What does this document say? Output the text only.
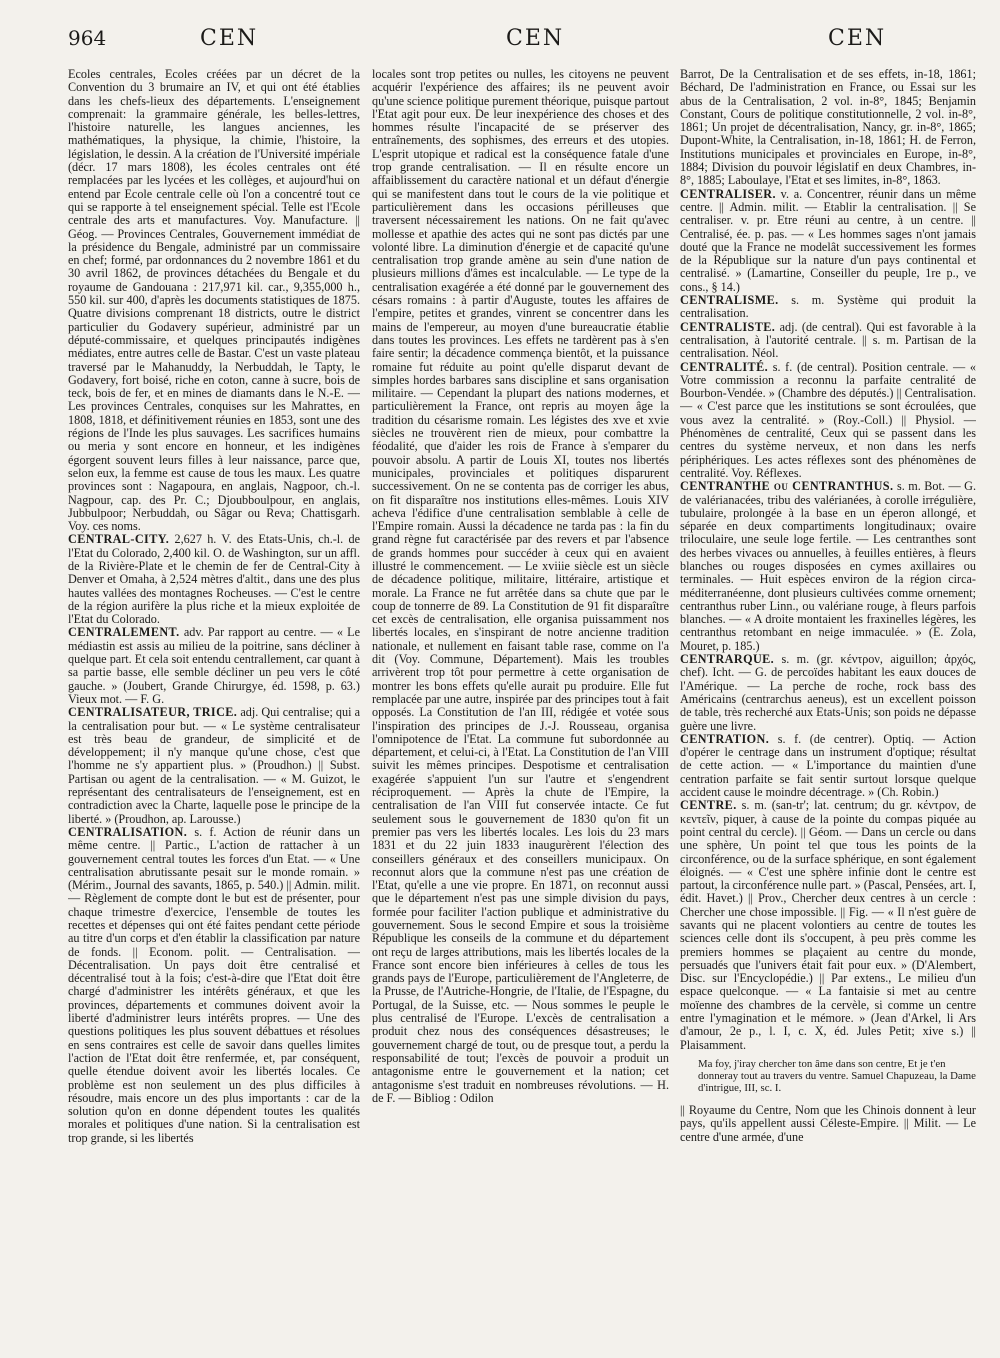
964	CEN	CEN	CEN

Ecoles centrales, Ecoles créées par un décret de la Convention du 3 brumaire an IV, et qui ont été établies dans les chefs-lieux des départements. L'enseignement comprenait: la grammaire générale, les belles-lettres, l'histoire naturelle, les langues anciennes, les mathématiques, la physique, la chimie, l'histoire, la législation, le dessin. A la création de l'Université impériale (décr. 17 mars 1808), les écoles centrales ont été remplacées par les lycées et les collèges, et aujourd'hui on entend par Ecole centrale celle où l'on a concentré tout ce qui se rapporte à tel enseignement spécial. Telle est l'Ecole centrale des arts et manufactures. Voy. Manufacture. || Géog. — Provinces Centrales, Gouvernement immédiat de la présidence du Bengale, administré par un commissaire en chef; formé, par ordonnances du 2 novembre 1861 et du 30 avril 1862, de provinces détachées du Bengale et du royaume de Gandouana : 217,971 kil. car., 9,355,000 h., 550 kil. sur 400, d'après les documents statistiques de 1875. Quatre divisions comprenant 18 districts, outre le district particulier du Godavery supérieur, administré par un député-commissaire, et quelques principautés indigènes médiates, entre autres celle de Bastar. C'est un vaste plateau traversé par le Mahanuddy, la Nerbuddah, le Tapty, le Godavery, fort boisé, riche en coton, canne à sucre, bois de teck, bois de fer, et en mines de diamants dans le N.-E. — Les provinces Centrales, conquises sur les Mahrattes, en 1808, 1818, et définitivement réunies en 1853, sont une des régions de l'Inde les plus sauvages. Les sacrifices humains ou meria y sont encore en honneur, et les indigènes égorgent souvent leurs filles à leur naissance, parce que, selon eux, la femme est cause de tous les maux. Les quatre provinces sont : Nagapoura, en anglais, Nagpoor, ch.-l. Nagpour, cap. des Pr. C.; Djoubboulpour, en anglais, Jubbulpoor; Nerbuddah, ou Sâgar ou Reva; Chattisgarh. Voy. ces noms.

CENTRAL-CITY. 2,627 h. V. des Etats-Unis, ch.-l. de l'Etat du Colorado, 2,400 kil. O. de Washington, sur un affl. de la Rivière-Plate et le chemin de fer de Central-City à Denver et Omaha, à 2,524 mètres d'altit., dans une des plus hautes vallées des montagnes Rocheuses. — C'est le centre de la région aurifère la plus riche et la mieux exploitée de l'Etat du Colorado.

CENTRALEMENT. adv. Par rapport au centre. — « Le médiastin est assis au milieu de la poitrine, sans décliner à quelque part. Et cela soit entendu centrallement, car quant à sa partie basse, elle semble décliner un peu vers le côté gauche. » (Joubert, Grande Chirurgye, éd. 1598, p. 63.) Vieux mot. — F. G.

CENTRALISATEUR, TRICE. adj. Qui centralise; qui a la centralisation pour but. — « Le système centralisateur est très beau de grandeur, de simplicité et de développement; il n'y manque qu'une chose, c'est que l'homme ne s'y appartient plus. » (Proudhon.) || Subst. Partisan ou agent de la centralisation. — « M. Guizot, le représentant des centralisateurs de l'enseignement, est en contradiction avec la Charte, laquelle pose le principe de la liberté. » (Proudhon, ap. Larousse.)

CENTRALISATION. s. f. Action de réunir dans un même centre. || Partic., L'action de rattacher à un gouvernement central toutes les forces d'un Etat. — « Une centralisation abrutissante pesait sur le monde romain. » (Mérim., Journal des savants, 1865, p. 540.) || Admin. milit. — Règlement de compte dont le but est de présenter, pour chaque trimestre d'exercice, l'ensemble de toutes les recettes et dépenses qui ont été faites pendant cette période au titre d'un corps et d'en établir la classification par nature de fonds. || Econom. polit. — Centralisation. — Décentralisation. Un pays doit être centralisé et décentralisé tout à la fois; c'est-à-dire que l'Etat doit être chargé d'administrer les intérêts généraux, et que les provinces, départements et communes doivent avoir la liberté d'administrer leurs intérêts propres. — Une des questions politiques les plus souvent débattues et résolues en sens contraires est celle de savoir dans quelles limites l'action de l'Etat doit être renfermée, et, par conséquent, quelle étendue doivent avoir les libertés locales. Ce problème est non seulement un des plus difficiles à résoudre, mais encore un des plus importants : car de la solution qu'on en donne dépendent toutes les qualités morales et politiques d'une nation. Si la centralisation est trop grande, si les libertés

locales sont trop petites ou nulles, les citoyens ne peuvent acquérir l'expérience des affaires; ils ne peuvent avoir qu'une science politique purement théorique, puisque partout l'Etat agit pour eux. De leur inexpérience des choses et des hommes résulte l'incapacité de se préserver des entraînements, des sophismes, des erreurs et des utopies. L'esprit utopique et radical est la conséquence fatale d'une trop grande centralisation. — Il en résulte encore un affaiblissement du caractère national et un défaut d'énergie qui se manifestent dans tout le cours de la vie politique et particulièrement dans les occasions périlleuses que traversent nécessairement les nations. On ne fait qu'avec mollesse et apathie des actes qui ne sont pas dictés par une volonté libre. La diminution d'énergie et de capacité qu'une centralisation trop grande amène au sein d'une nation de plusieurs millions d'âmes est incalculable. — Le type de la centralisation exagérée a été donné par le gouvernement des césars romains : à partir d'Auguste, toutes les affaires de l'empire, petites et grandes, vinrent se concentrer dans les mains de l'empereur, au moyen d'une bureaucratie établie dans toutes les provinces. Les effets ne tardèrent pas à s'en faire sentir; la décadence commença bientôt, et la puissance romaine fut réduite au point qu'elle disparut devant de simples hordes barbares sans discipline et sans organisation militaire. — Cependant la plupart des nations modernes, et particulièrement la France, ont repris au moyen âge la tradition du césarisme romain. Les légistes des xve et xvie siècles ne trouvèrent rien de mieux, pour combattre la féodalité, que d'aider les rois de France à s'emparer du pouvoir absolu. A partir de Louis XI, toutes nos libertés municipales, provinciales et politiques disparurent successivement. On ne se contenta pas de corriger les abus, on fit disparaître nos institutions elles-mêmes. Louis XIV acheva l'édifice d'une centralisation semblable à celle de l'Empire romain. Aussi la décadence ne tarda pas : la fin du grand règne fut caractérisée par des revers et par l'absence de grands hommes pour succéder à ceux qui en avaient illustré le commencement. — Le xviiie siècle est un siècle de décadence politique, militaire, littéraire, artistique et morale. La France ne fut arrêtée dans sa chute que par le coup de tonnerre de 89. La Constitution de 91 fit disparaître cet excès de centralisation, elle organisa puissamment nos libertés locales, en s'inspirant de notre ancienne tradition nationale, et nullement en faisant table rase, comme on l'a dit (Voy. Commune, Département). Mais les troubles arrivèrent trop tôt pour permettre à cette organisation de montrer les bons effets qu'elle aurait pu produire. Elle fut remplacée par une autre, inspirée par des principes tout à fait opposés. La Constitution de l'an III, rédigée et votée sous l'inspiration des principes de J.-J. Rousseau, organisa l'omnipotence de l'Etat. La commune fut subordonnée au département, et celui-ci, à l'Etat. La Constitution de l'an VIII suivit les mêmes principes. Despotisme et centralisation exagérée s'appuient l'un sur l'autre et s'engendrent réciproquement. — Après la chute de l'Empire, la centralisation de l'an VIII fut conservée intacte. Ce fut seulement sous le gouvernement de 1830 qu'on fit un premier pas vers les libertés locales. Les lois du 23 mars 1831 et du 22 juin 1833 inaugurèrent l'élection des conseillers généraux et des conseillers municipaux. On reconnut alors que la commune n'est pas une création de l'Etat, qu'elle a une vie propre. En 1871, on reconnut aussi que le département n'est pas une simple division du pays, formée pour faciliter l'action publique et administrative du gouvernement. Sous le second Empire et sous la troisième République les conseils de la commune et du département ont reçu de larges attributions, mais les libertés locales de la France sont encore bien inférieures à celles de tous les grands pays de l'Europe, particulièrement de l'Angleterre, de la Prusse, de l'Autriche-Hongrie, de l'Italie, de l'Espagne, du Portugal, de la Suisse, etc. — Nous sommes le peuple le plus centralisé de l'Europe. L'excès de centralisation a produit chez nous des conséquences désastreuses; le gouvernement chargé de tout, ou de presque tout, a perdu la responsabilité de tout; l'excès de pouvoir a produit un antagonisme entre le gouvernement et la nation; cet antagonisme s'est traduit en nombreuses révolutions. — H. de F. — Bibliog : Odilon

Barrot, De la Centralisation et de ses effets, in-18, 1861; Béchard, De l'administration en France, ou Essai sur les abus de la Centralisation, 2 vol. in-8°, 1845; Benjamin Constant, Cours de politique constitutionnelle, 2 vol. in-8°, 1861; Un projet de décentralisation, Nancy, gr. in-8°, 1865; Dupont-White, la Centralisation, in-18, 1861; H. de Ferron, Institutions municipales et provinciales en Europe, in-8°, 1884; Division du pouvoir législatif en deux Chambres, in-8°, 1885; Laboulaye, l'Etat et ses limites, in-8°, 1863.

CENTRALISER. v. a. Concentrer, réunir dans un même centre. || Admin. milit. — Etablir la centralisation. || Se centraliser. v. pr. Etre réuni au centre, à un centre. || Centralisé, ée. p. pas. — « Les hommes sages n'ont jamais douté que la France ne modelât successivement les formes de la République sur la nature d'un pays continental et centralisé. » (Lamartine, Conseiller du peuple, 1re p., ve cons., § 14.)

CENTRALISME. s. m. Système qui produit la centralisation.

CENTRALISTE. adj. (de central). Qui est favorable à la centralisation, à l'autorité centrale. || s. m. Partisan de la centralisation. Néol.

CENTRALITÉ. s. f. (de central). Position centrale. — « Votre commission a reconnu la parfaite centralité de Bourbon-Vendée. » (Chambre des députés.) || Centralisation. — « C'est parce que les institutions se sont écroulées, que vous avez la centralité. » (Roy.-Coll.) || Physiol. — Phénomènes de centralité, Ceux qui se passent dans les centres du système nerveux, et non dans les nerfs périphériques. Les actes réflexes sont des phénomènes de centralité. Voy. Réflexes.

CENTRANTHE ou CENTRANTHUS. s. m. Bot. — G. de valérianacées, tribu des valérianées, à corolle irrégulière, tubulaire, prolongée à la base en un éperon allongé, et séparée en deux compartiments longitudinaux; ovaire triloculaire, une seule loge fertile. — Les centranthes sont des herbes vivaces ou annuelles, à feuilles entières, à fleurs blanches ou rouges disposées en cymes axillaires ou terminales. — Huit espèces environ de la région circa-méditerranéenne, dont plusieurs cultivées comme ornement; centranthus ruber Linn., ou valériane rouge, à fleurs parfois blanches. — « A droite montaient les fraxinelles légères, les centranthus retombant en neige immaculée. » (E. Zola, Mouret, p. 185.)

CENTRARQUE. s. m. (gr. κέντρον, aiguillon; ἀρχός, chef). Icht. — G. de percoïdes habitant les eaux douces de l'Amérique. — La perche de roche, rock bass des Américains (centrarchus aeneus), est un excellent poisson de table, très recherché aux Etats-Unis; son poids ne dépasse guère une livre.

CENTRATION. s. f. (de centrer). Optiq. — Action d'opérer le centrage dans un instrument d'optique; résultat de cette action. — « L'importance du maintien d'une centration parfaite se fait sentir surtout lorsque quelque accident cause le moindre décentrage. » (Ch. Robin.)

CENTRE. s. m. (san-tr'; lat. centrum; du gr. κέντρον, de κεντεῖν, piquer, à cause de la pointe du compas piquée au point central du cercle). || Géom. — Dans un cercle ou dans une sphère, Un point tel que tous les points de la circonférence, ou de la surface sphérique, en sont également éloignés. — « C'est une sphère infinie dont le centre est partout, la circonférence nulle part. » (Pascal, Pensées, art. I, édit. Havet.) || Prov., Chercher deux centres à un cercle : Chercher une chose impossible. || Fig. — « Il n'est guère de savants qui ne placent volontiers au centre de toutes les sciences celle dont ils s'occupent, à peu près comme les premiers hommes se plaçaient au centre du monde, persuadés que l'univers était fait pour eux. » (D'Alembert, Disc. sur l'Encyclopédie.) || Par extens., Le milieu d'un espace quelconque. — « La fantaisie si met au centre moïenne des chambres de la cervèle, si comme un centre entre l'ymagination et le mémore. » (Jean d'Arkel, li Ars d'amour, 2e p., l. I, c. X, éd. Jules Petit; xive s.) || Plaisamment.

Ma foy, j'iray chercher ton âme dans son centre, Et je t'en donneray tout au travers du ventre. Samuel Chapuzeau, la Dame d'intrigue, III, sc. I.

|| Royaume du Centre, Nom que les Chinois donnent à leur pays, qu'ils appellent aussi Céleste-Empire. || Milit. — Le centre d'une armée, d'une
